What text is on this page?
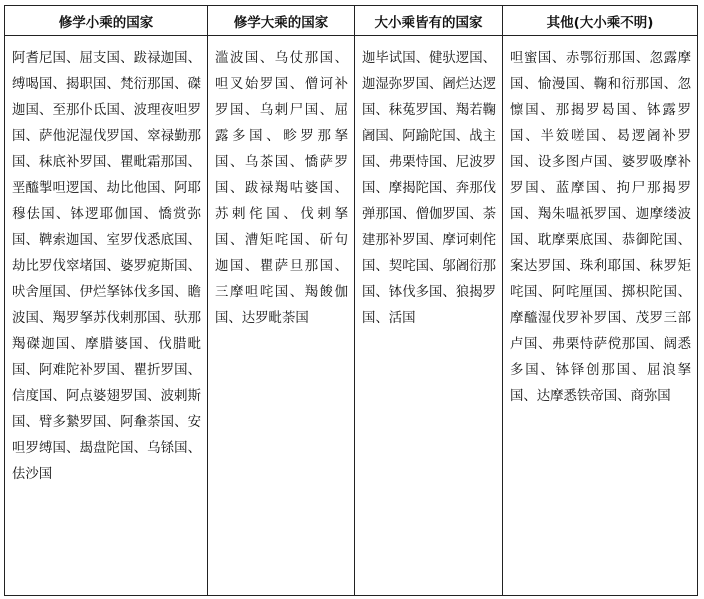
修学小乘的国家	修学大乘的国家	大小乘皆有的国家	其他(大小乘不明)
阿耆尼国、屈支国、跋禄迦国、缚喝国、揭职国、梵衍那国、磔迦国、至那仆氐国、波理夜呾罗国、萨他泥湿伐罗国、窣禄勤那国、秣底补罗国、瞿毗霜那国、垩醯掣呾逻国、劫比他国、阿耶穆佉国、钵逻耶伽国、憍赏弥国、鞞索迦国、室罗伐悉底国、劫比罗伐窣堵国、婆罗痆斯国、吠舍厘国、伊烂拏钵伐多国、瞻波国、羯罗拏苏伐剌那国、驮那羯磔迦国、摩腊婆国、伐腊毗国、阿难陀补罗国、瞿折罗国、信度国、阿点婆翅罗国、波剌斯国、臂多縶罗国、阿軬荼国、安呾罗缚国、朅盘陀国、乌铩国、佉沙国	滥波国、乌仗那国、呾叉始罗国、僧诃补罗国、乌剌尸国、屈露多国、畛罗那拏国、乌茶国、憍萨罗国、跋禄羯咕婆国、苏剌侘国、伐剌拏国、漕矩咤国、斫句迦国、瞿萨旦那国、三摩呾咤国、羯餕伽国、达罗毗荼国	迦毕试国、健驮逻国、迦湿弥罗国、阇烂达逻国、秣菟罗国、羯若鞠阇国、阿踰陀国、战主国、弗栗恃国、尼波罗国、摩揭陀国、奔那伐弹那国、僧伽罗国、荼建那补罗国、摩诃剌侘国、契咤国、邬阇衍那国、钵伐多国、狼揭罗国、活国	呾蜜国、赤鄂衍那国、忽露摩国、愉漫国、鞠和衍那国、忽懔国、那揭罗曷国、钵露罗国、半笯嗟国、曷逻阇补罗国、设多图卢国、婆罗吸摩补罗国、蓝摩国、拘尸那揭罗国、羯朱嗢祇罗国、迦摩缕波国、耽摩栗底国、恭御陀国、案达罗国、珠利耶国、秣罗矩咤国、阿咤厘国、掷枳陀国、摩醯湿伐罗补罗国、茂罗三部卢国、弗栗恃萨傥那国、阔悉多国、钵铎创那国、屈浪拏国、达摩悉铁帝国、商弥国
